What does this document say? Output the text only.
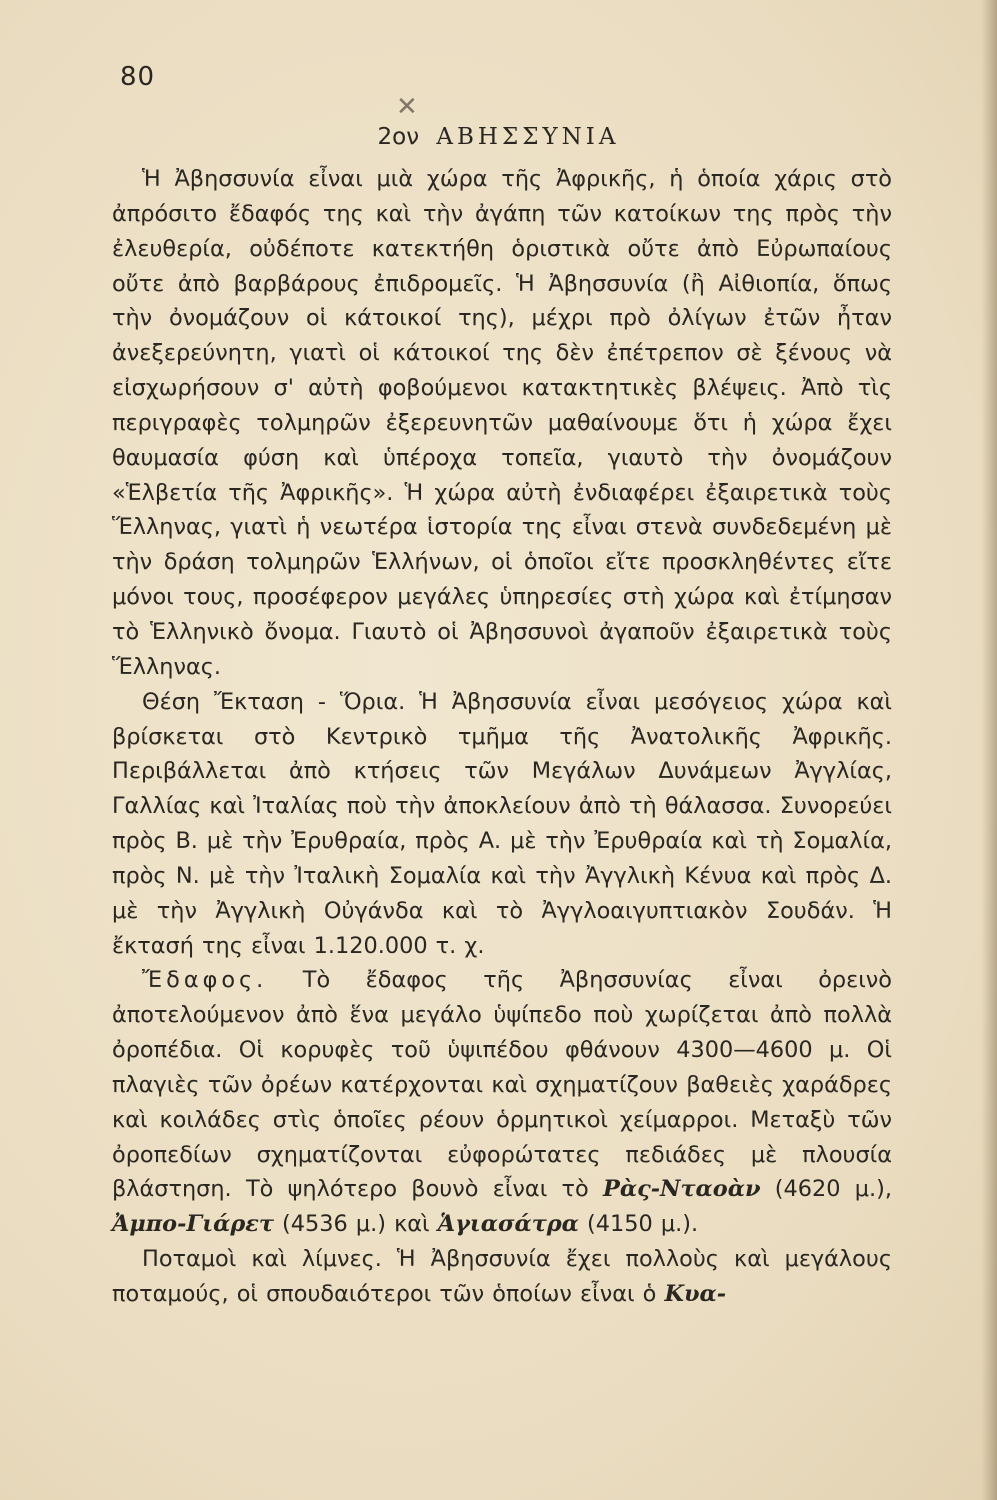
80
2ον ΑΒΗΣΣΥΝΙΑ

Ἡ Ἀβησσυνία εἶναι μιὰ χώρα τῆς Ἀφρικῆς, ἡ ὁποία χάρις στὸ ἀπρόσιτο ἔδαφός της καὶ τὴν ἀγάπη τῶν κατοίκων της πρὸς τὴν ἐλευθερία, οὐδέποτε κατεκτήθη ὁριστικὰ οὔτε ἀπὸ Εὐρωπαίους οὔτε ἀπὸ βαρβάρους ἐπιδρομεῖς. Ἡ Ἀβησσυνία (ἢ Αἰθιοπία, ὅπως τὴν ὀνομάζουν οἱ κάτοικοί της), μέχρι πρὸ ὀλίγων ἐτῶν ἦταν ἀνεξερεύνητη, γιατὶ οἱ κάτοικοί της δὲν ἐπέτρεπον σὲ ξένους νὰ εἰσχωρήσουν σ' αὐτὴ φοβούμενοι κατακτητικὲς βλέψεις. Ἀπὸ τὶς περιγραφὲς τολμηρῶν ἐξερευνητῶν μαθαίνουμε ὅτι ἡ χώρα ἔχει θαυμασία φύση καὶ ὑπέροχα τοπεῖα, γιαυτὸ τὴν ὀνομάζουν «Ἑλβετία τῆς Ἀφρικῆς». Ἡ χώρα αὐτὴ ἐνδιαφέρει ἐξαιρετικὰ τοὺς Ἕλληνας, γιατὶ ἡ νεωτέρα ἱστορία της εἶναι στενὰ συνδεδεμένη μὲ τὴν δράση τολμηρῶν Ἑλλήνων, οἱ ὁποῖοι εἴτε προσκληθέντες εἴτε μόνοι τους, προσέφερον μεγάλες ὑπηρεσίες στὴ χώρα καὶ ἐτίμησαν τὸ Ἑλληνικὸ ὄνομα. Γιαυτὸ οἱ Ἀβησσυνοὶ ἀγαποῦν ἐξαιρετικὰ τοὺς Ἕλληνας.

Θέση Ἔκταση - Ὅρια. Ἡ Ἀβησσυνία εἶναι μεσόγειος χώρα καὶ βρίσκεται στὸ Κεντρικὸ τμῆμα τῆς Ἀνατολικῆς Ἀφρικῆς. Περιβάλλεται ἀπὸ κτήσεις τῶν Μεγάλων Δυνάμεων Ἀγγλίας, Γαλλίας καὶ Ἰταλίας ποὺ τὴν ἀποκλείουν ἀπὸ τὴ θάλασσα. Συνορεύει πρὸς Β. μὲ τὴν Ἐρυθραία, πρὸς Α. μὲ τὴν Ἐρυθραία καὶ τὴ Σομαλία, πρὸς Ν. μὲ τὴν Ἰταλικὴ Σομαλία καὶ τὴν Ἀγγλικὴ Κένυα καὶ πρὸς Δ. μὲ τὴν Ἀγγλικὴ Οὐγάνδα καὶ τὸ Ἀγγλοαιγυπτιακὸν Σουδάν. Ἡ ἔκτασή της εἶναι 1.120.000 τ. χ.

Ἔδαφος. Τὸ ἔδαφος τῆς Ἀβησσυνίας εἶναι ὀρεινὸ ἀποτελούμενον ἀπὸ ἕνα μεγάλο ὑψίπεδο ποὺ χωρίζεται ἀπὸ πολλὰ ὀροπέδια. Οἱ κορυφὲς τοῦ ὑψιπέδου φθάνουν 4300—4600 μ. Οἱ πλαγιὲς τῶν ὀρέων κατέρχονται καὶ σχηματίζουν βαθειὲς χαράδρες καὶ κοιλάδες στὶς ὁποῖες ρέουν ὁρμητικοὶ χείμαρροι. Μεταξὺ τῶν ὀροπεδίων σχηματίζονται εὐφορώτατες πεδιάδες μὲ πλουσία βλάστηση. Τὸ ψηλότερο βουνὸ εἶναι τὸ Ρὰς-Νταοὰν (4620 μ.), Ἀμπο-Γιάρετ (4536 μ.) καὶ Ἁγιασάτρα (4150 μ.).

Ποταμοὶ καὶ λίμνες. Ἡ Ἀβησσυνία ἔχει πολλοὺς καὶ μεγάλους ποταμούς, οἱ σπουδαιότεροι τῶν ὁποίων εἶναι ὁ Κυα-

✕
